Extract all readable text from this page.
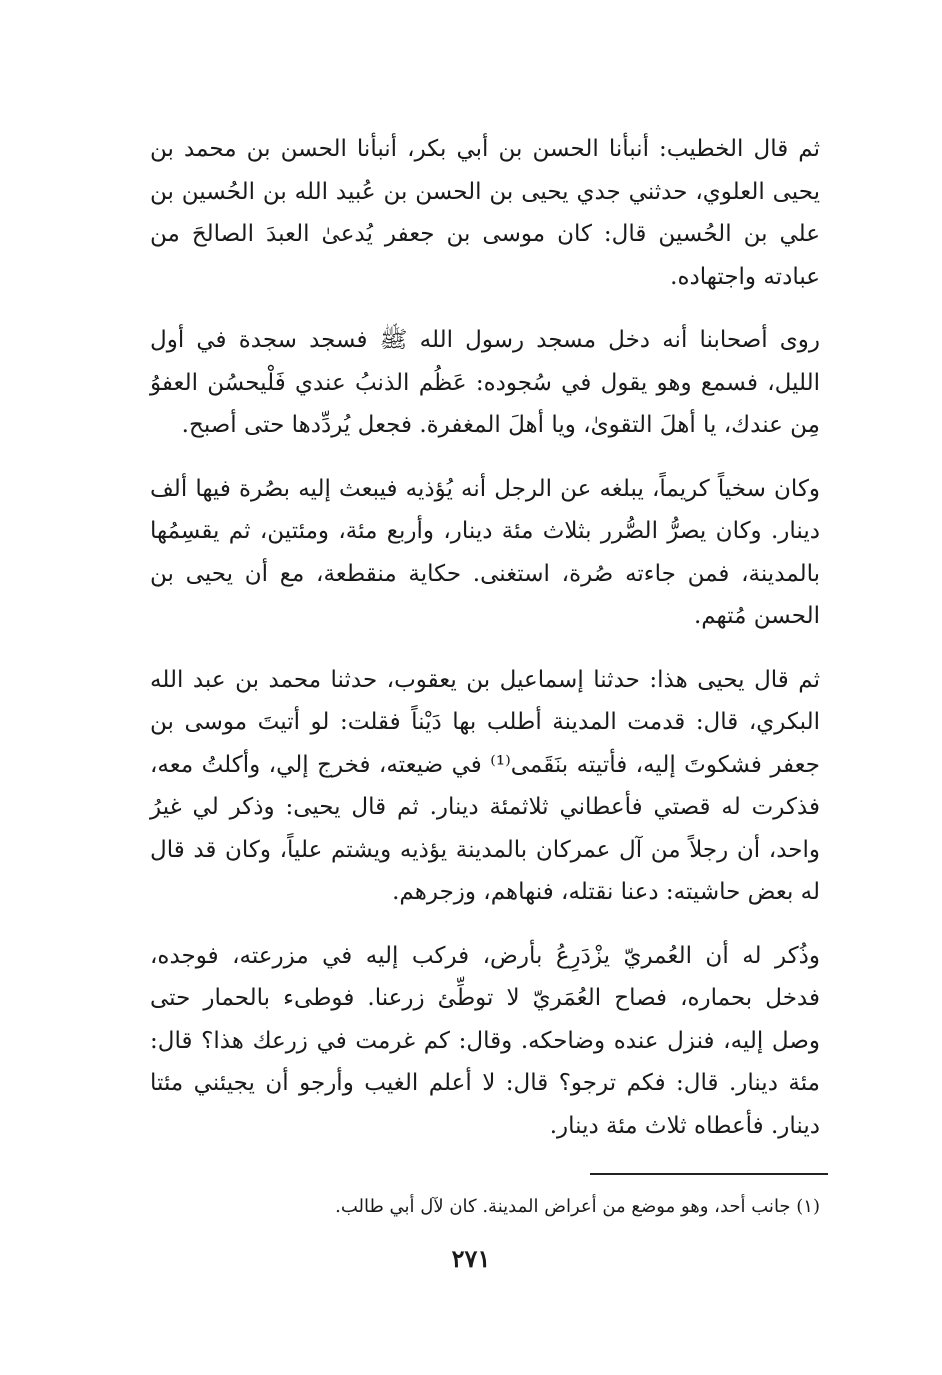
ثم قال الخطيب: أنبأنا الحسن بن أبي بكر، أنبأنا الحسن بن محمد بن يحيى العلوي، حدثني جدي يحيى بن الحسن بن عُبيد الله بن الحُسين بن علي بن الحُسين قال: كان موسى بن جعفر يُدعىٰ العبدَ الصالحَ من عبادته واجتهاده.

روى أصحابنا أنه دخل مسجد رسول الله ﷺ فسجد سجدة في أول الليل، فسمع وهو يقول في سُجوده: عَظُم الذنبُ عندي فَلْيحسُن العفوُ مِن عندك، يا أهلَ التقوىٰ، ويا أهلَ المغفرة. فجعل يُردِّدها حتى أصبح.

وكان سخياً كريماً، يبلغه عن الرجل أنه يُؤذيه فيبعث إليه بصُرة فيها ألف دينار. وكان يصرُّ الصُّرر بثلاث مئة دينار، وأربع مئة، ومئتين، ثم يقسِمُها بالمدينة، فمن جاءته صُرة، استغنى. حكاية منقطعة، مع أن يحيى بن الحسن مُتهم.

ثم قال يحيى هذا: حدثنا إسماعيل بن يعقوب، حدثنا محمد بن عبد الله البكري، قال: قدمت المدينة أطلب بها دَيْناً فقلت: لو أتيتَ موسى بن جعفر فشكوتَ إليه، فأتيته بنَقَمى⁽¹⁾ في ضيعته، فخرج إلي، وأكلتُ معه، فذكرت له قصتي فأعطاني ثلاثمئة دينار. ثم قال يحيى: وذكر لي غيرُ واحد، أن رجلاً من آل عمركان بالمدينة يؤذيه ويشتم علياً، وكان قد قال له بعض حاشيته: دعنا نقتله، فنهاهم، وزجرهم.

وذُكر له أن العُمريّ يزْدَرِعُ بأرض، فركب إليه في مزرعته، فوجده، فدخل بحماره، فصاح العُمَريّ لا توطِّئ زرعنا. فوطىء بالحمار حتى وصل إليه، فنزل عنده وضاحكه. وقال: كم غرمت في زرعك هذا؟ قال: مئة دينار. قال: فكم ترجو؟ قال: لا أعلم الغيب وأرجو أن يجيئني مئتا دينار. فأعطاه ثلاث مئة دينار.

(١) جانب أحد، وهو موضع من أعراض المدينة. كان لآل أبي طالب.
٢٧١
